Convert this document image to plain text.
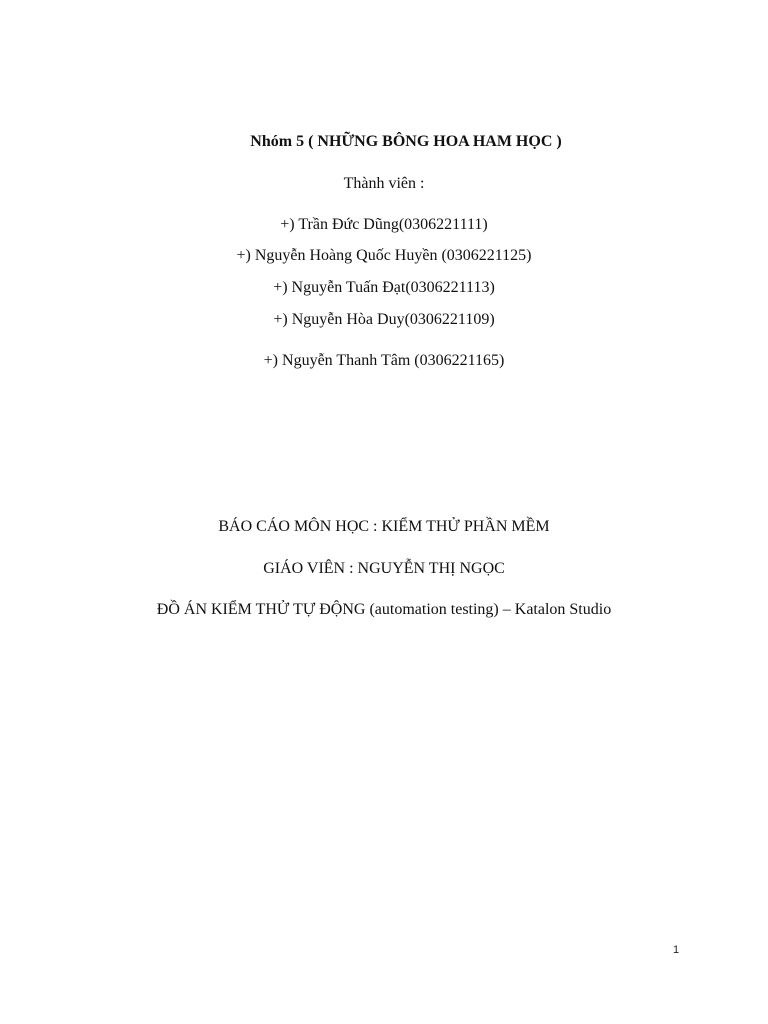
Nhóm 5 ( NHỮNG BÔNG HOA HAM HỌC )
Thành viên :
+) Trần Đức Dũng(0306221111)
+) Nguyễn Hoàng Quốc Huyền (0306221125)
+) Nguyễn Tuấn Đạt(0306221113)
+) Nguyễn Hòa Duy(0306221109)
+) Nguyễn Thanh Tâm (0306221165)
BÁO CÁO MÔN HỌC : KIỂM THỬ PHẦN MỀM
GIÁO VIÊN : NGUYỄN THỊ NGỌC
ĐỒ ÁN KIỂM THỬ TỰ ĐỘNG (automation testing) – Katalon Studio
1
